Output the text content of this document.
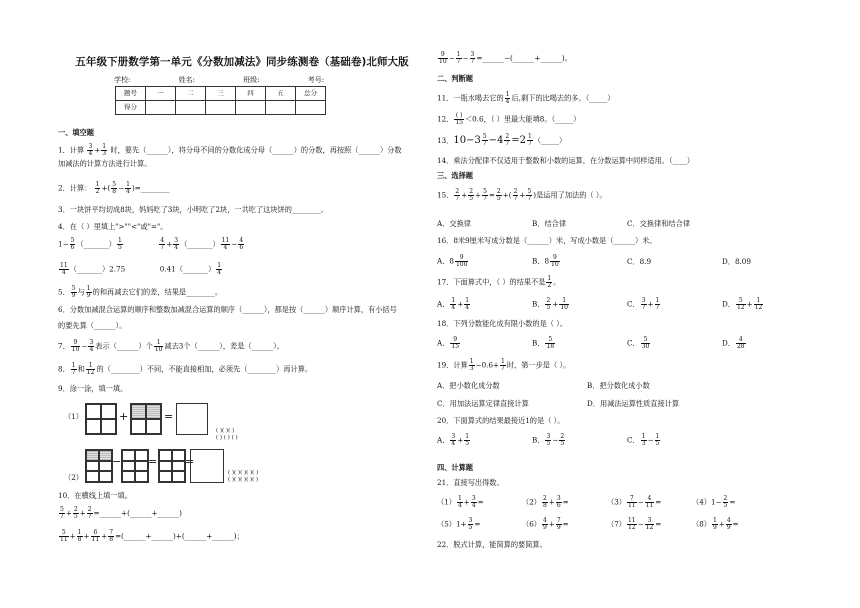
五年级下册数学第一单元《分数加减法》同步练测卷（基础卷)北师大版
学校:	姓名:	班级:	考号:
题号	一	二	三	四	五	总分
得分						
一、填空题
1．计算 $\frac{3}{4} + \frac{1}{3}$ 时，要先（______），将分母不同的分数化成分母（______）的分数，再按照（______）分数
加减法的计算方法进行计算。
2．计算： $\frac{1}{2}$ +( $\frac{5}{8} - \frac{1}{4}$ )=________
3．一块饼平均切成8块，妈妈吃了3块，小明吃了2块，一共吃了这块饼的________。
4．在（ ）里填上">""<"或"="。
$1- \frac{5}{6}$ （_______） $\frac{1}{5}$
	$\frac{4}{7} + \frac{3}{4}$ （_______） $\frac{11}{4} - \frac{4}{6}$
$\frac{11}{4}$ （_______）2.75	0.41（_______） $\frac{1}{4}$
5． $\frac{5}{9}$ 与 $\frac{1}{9}$ 的和再减去它们的差，结果是________。
6．分数加减混合运算的顺序和整数加减混合运算的顺序（______），都是按（______）顺序计算，有小括号
的要先算（______）。
7． $\frac{9}{10} - \frac{3}{4}$ 表示（______）个 $\frac{1}{10}$ 减去3个（______），差是（______）。
8． $\frac{1}{7}$ 和 $\frac{1}{12}$ 的（________）不同，不能直接相加，必须先（________）再计算。
9．涂一涂，填一填。
（1）	+	=
( )( )( )
( ) ( ) ( )
（2）
− =	=
( )( )( )( )( )
( )( )( )( )( )
10．在横线上填一填。
$\frac{5}{7} + \frac{2}{5} + \frac{2}{7}$ =______+(______+______)
$\frac{5}{11} + \frac{1}{8} + \frac{6}{11} + \frac{7}{8}$ =(______+______)+(______+______)；
$\frac{9}{10} - \frac{1}{7} - \frac{3}{7}$ =______−(______+______)。
二、判断题
11．一瓶水喝去它的 $\frac{1}{4}$ 后,剩下的比喝去的多。（_____）
12． $\frac{( )}{15} <0.6$，（ ）里最大能填8。（_____）
13．$10-3 \frac{5}{7} -4 \frac{2}{7} =2 \frac{1}{7}$ （_____）
14．乘法分配律不仅适用于整数和小数的运算，在分数运算中同样适用。（____）
三、选择题
15． $\frac{2}{7} + \frac{2}{5} + \frac{5}{7} = \frac{2}{5}$ +( $\frac{2}{7} + \frac{5}{7}$ )是运用了加法的（ ）。
A．交换律	B．结合律	C．交换律和结合律
16．8米9厘米写成分数是（______）米，写成小数是（______）米。
A．$8 \frac{9}{100}$	B．$8 \frac{9}{10}$	C．8.9	D．8.09
17．下面算式中，（ ）的结果不是 $\frac{1}{2}$ 。
A． $\frac{1}{4} + \frac{1}{4}$	B． $\frac{2}{5} + \frac{1}{10}$	C． $\frac{3}{7} + \frac{1}{7}$	D． $\frac{5}{12} + \frac{1}{12}$
18．下列分数能化成有限小数的是（ ）。
A． $\frac{9}{15}$	B． $\frac{5}{18}$	C． $\frac{5}{30}$	D． $\frac{4}{28}$
19．计算 $\frac{1}{3} -0.6+ \frac{1}{7}$ 时，第一步是（ ）。
A．把小数化成分数	B．把分数化成小数
C．用加法运算定律直接计算	D．用减法运算性质直接计算
20．下面算式的结果最接近1的是（ ）。
A． $\frac{3}{4} + \frac{1}{5}$	B． $\frac{3}{5} - \frac{2}{5}$	C． $\frac{1}{3} - \frac{1}{5}$
四、计算题
21．直接写出得数。
$(1) \frac{1}{4} + \frac{3}{4}$ =	$(2) \frac{2}{8} + \frac{3}{6}$ =	$(3) \frac{7}{11} - \frac{4}{11}$ =	$(4)1- \frac{2}{5}$ =
$(5)1+ \frac{3}{5}$ =	$(6) \frac{4}{9} + \frac{7}{9}$ =	$(7) \frac{11}{12} - \frac{3}{12}$ =	$(8) \frac{1}{9} + \frac{4}{9}$ =
22．脱式计算，能简算的要简算。
